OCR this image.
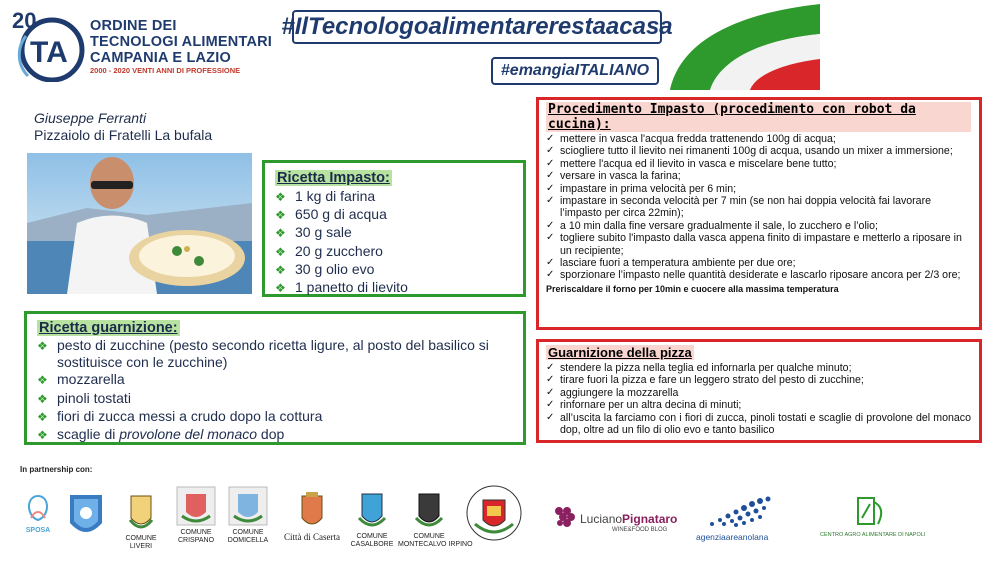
20
TA
ORDINE DEI
TECNOLOGI ALIMENTARI
CAMPANIA E LAZIO
2000 - 2020 VENTI ANNI DI PROFESSIONE
#IlTecnologoalimentarerestaacasa
#emangiaITALIANO
Giuseppe Ferranti
Pizzaiolo di Fratelli La bufala
Ricetta Impasto:
❖ 1 kg di farina
❖ 650 g di acqua
❖ 30 g sale
❖ 20 g zucchero
❖ 30 g olio evo
❖ 1 panetto di lievito
Ricetta guarnizione:
❖ pesto di zucchine (pesto secondo ricetta ligure, al posto del basilico si sostituisce con le zucchine)
❖ mozzarella
❖ pinoli tostati
❖ fiori di zucca messi a crudo dopo la cottura
❖ scaglie di provolone del monaco dop
Procedimento Impasto (procedimento con robot da cucina):
✓ mettere in vasca l'acqua fredda trattenendo 100g di acqua;
✓ sciogliere tutto il lievito nei rimanenti 100g di acqua, usando un mixer a immersione;
✓ mettere l'acqua ed il lievito in vasca e miscelare bene tutto;
✓ versare in vasca la farina;
✓ impastare in prima velocità per 6 min;
✓ impastare in seconda velocità per 7 min (se non hai doppia velocità fai lavorare l’impasto per circa 22min);
✓ a 10 min dalla fine versare gradualmente il sale, lo zucchero e l’olio;
✓ togliere subito l'impasto dalla vasca appena finito di impastare e metterlo a riposare in un recipiente;
✓ lasciare fuori a temperatura ambiente per due ore;
✓ sporzionare l’impasto nelle quantità desiderate e lascarlo riposare ancora per 2/3 ore;
Preriscaldare il forno per 10min e cuocere alla massima temperatura
Guarnizione della pizza
✓ stendere la pizza nella teglia ed infornarla per qualche minuto;
✓ tirare fuori la pizza e fare un leggero strato del pesto di zucchine;
✓ aggiungere la mozzarella
✓ rinfornare per un altra decina di minuti;
✓ all’uscita la farciamo con i fiori di zucca, pinoli tostati e scaglie di provolone del monaco dop, oltre ad un filo di olio evo e tanto basilico
In partnership con:
SPOSA
COMUNE
LIVERI
COMUNE
CRISPANO
COMUNE
DOMICELLA	Città di Caserta	COMUNE
CASALBORE
COMUNE
MONTECALVO IRPINO
LucianoPignataro
WINE&FOOD BLOG
agenziaareanolana	CENTRO AGRO ALIMENTARE DI NAPOLI
